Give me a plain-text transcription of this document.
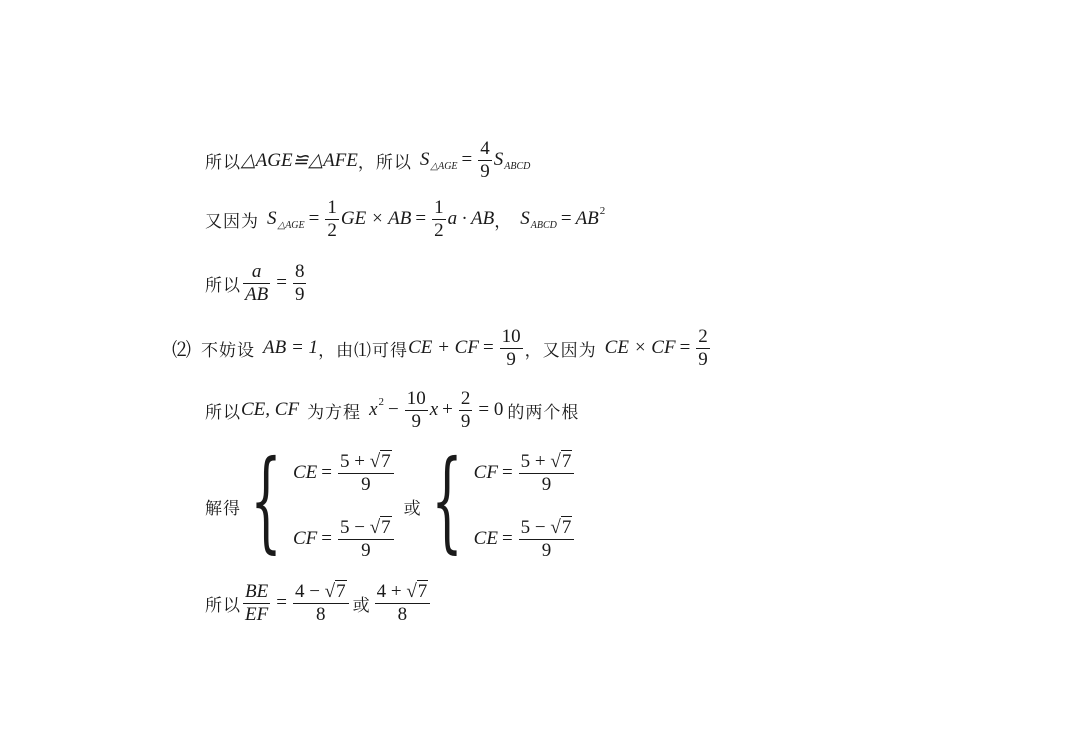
所以 △AGE≌△AFE ， 所以 S △AGE = $\frac{4}{9}$ S ABCD
又因为 S △AGE = $\frac{1}{2}$ GE × AB = $\frac{1}{2}$ a · AB ， S ABCD = AB 2
所以 $\frac{a}{AB} = \frac{8}{9}$
⑵ 不妨设 AB = 1 ， 由⑴可得 CE + CF = $\frac{10}{9}$ ， 又因为 CE × CF = $\frac{2}{9}$
所以 CE, CF 为方程 x $2 - \frac{10}{9}$ $x + \frac{2}{9} = 0$ 的两个根
解得 { CE = $\frac{5 + √ 7}{9}$
CF = $\frac{5 - √ 7}{9}$
或 { CF = $\frac{5 + √ 7}{9}$
CE = $\frac{5 - √ 7}{9}$
所以 $\frac{BE}{EF} = \frac{4 - √ 7}{8}$ 或 $\frac{4 + √ 7}{8}$
